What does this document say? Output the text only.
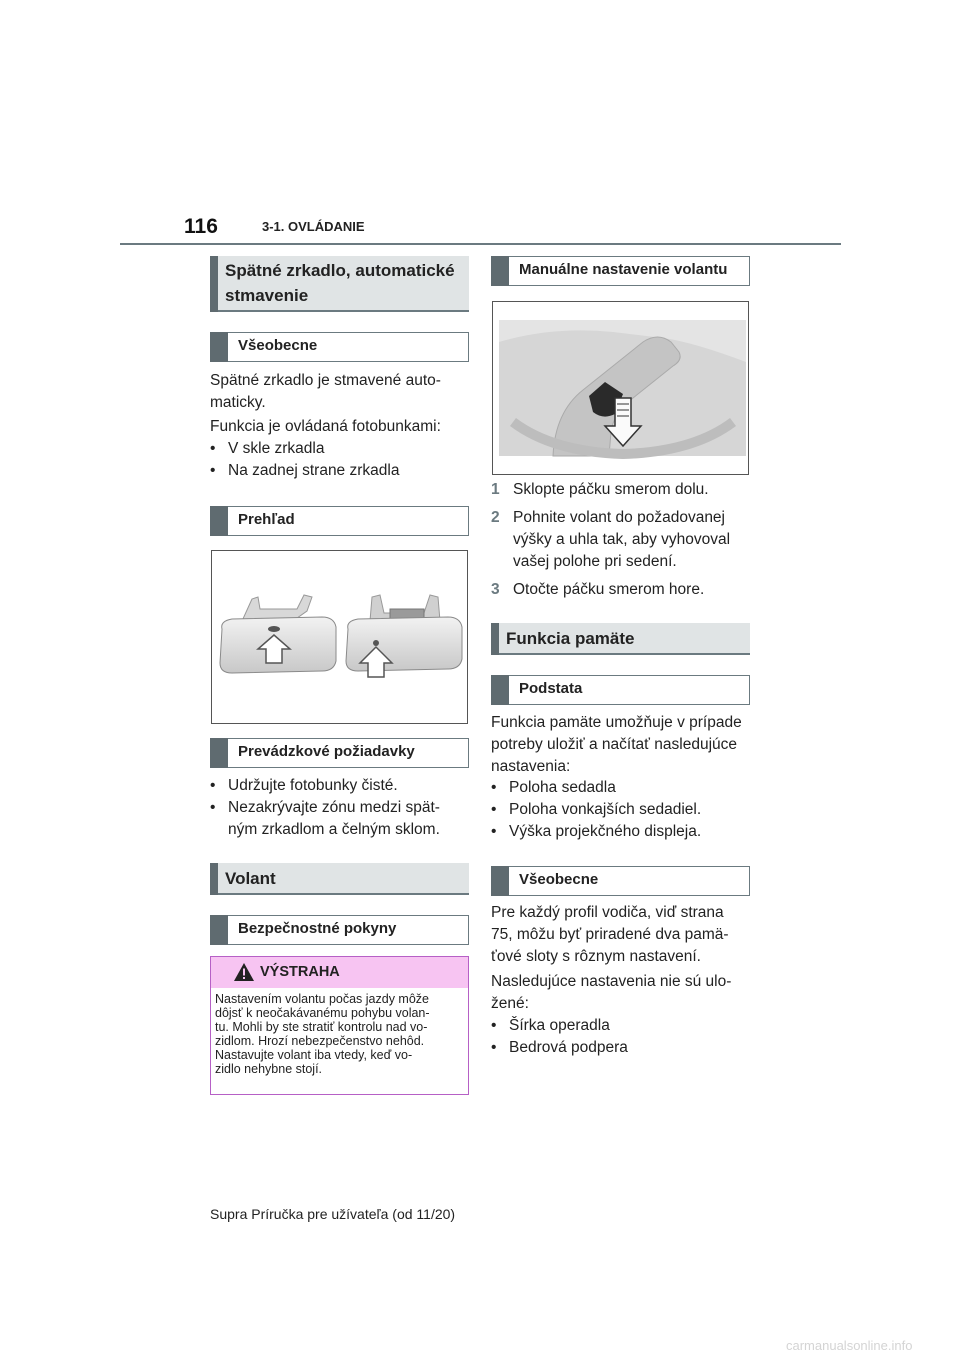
116	3-1. OVLÁDANIE
Spätné zrkadlo, automatické
stmavenie
Všeobecne
Spätné zrkadlo je stmavené auto-
maticky.
Funkcia je ovládaná fotobunkami:
• V skle zrkadla
• Na zadnej strane zrkadla
Prehľad
Prevádzkové požiadavky
• Udržujte fotobunky čisté.
• Nezakrývajte zónu medzi spät-
ným zrkadlom a čelným sklom.
Volant
Bezpečnostné pokyny
VÝSTRAHA
Nastavením volantu počas jazdy môže
dôjsť k neočakávanému pohybu volan-
tu. Mohli by ste stratiť kontrolu nad vo-
zidlom. Hrozí nebezpečenstvo nehôd.
Nastavujte volant iba vtedy, keď vo-
zidlo nehybne stojí.
Manuálne nastavenie volantu
1 Sklopte páčku smerom dolu.
2 Pohnite volant do požadovanej
výšky a uhla tak, aby vyhovoval
vašej polohe pri sedení.
3 Otočte páčku smerom hore.
Funkcia pamäte
Podstata
Funkcia pamäte umožňuje v prípade
potreby uložiť a načítať nasledujúce
nastavenia:
• Poloha sedadla
• Poloha vonkajších sedadiel.
• Výška projekčného displeja.
Všeobecne
Pre každý profil vodiča, viď strana
75, môžu byť priradené dva pamä-
ťové sloty s rôznym nastavení.
Nasledujúce nastavenia nie sú ulo-
žené:
• Šírka operadla
• Bedrová podpera
Supra Príručka pre užívateľa (od 11/20)
carmanualsonline.info
